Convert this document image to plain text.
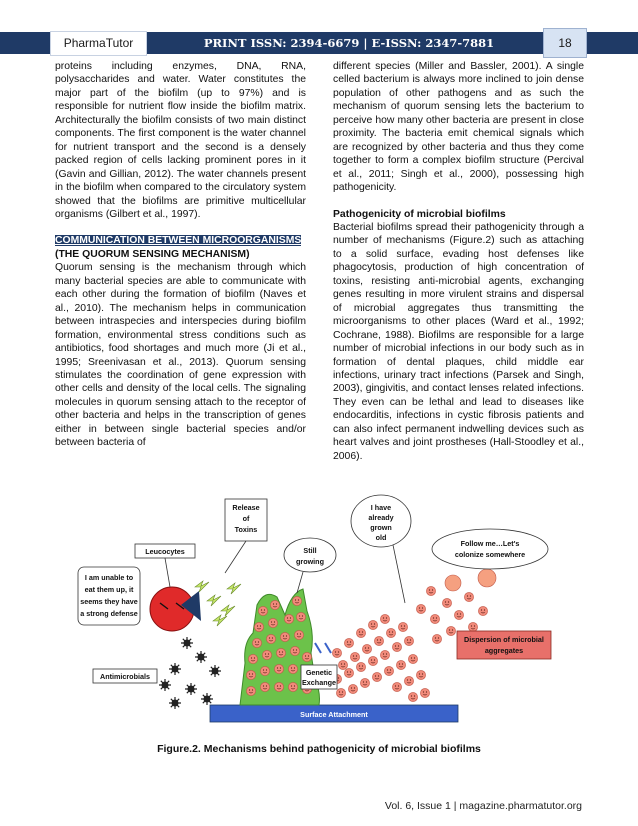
PharmaTutor	PRINT ISSN: 2394-6679 | E-ISSN: 2347-7881	18

proteins including enzymes, DNA, RNA, polysaccharides and water. Water constitutes the major part of the biofilm (up to 97%) and is responsible for nutrient flow inside the biofilm matrix. Architecturally the biofilm consists of two main distinct components. The first component is the water channel for nutrient transport and the second is a densely packed region of cells lacking prominent pores in it (Gavin and Gillian, 2012). The water channels present in the biofilm when compared to the circulatory system showed that the biofilms are primitive multicellular organisms (Gilbert et al., 1997).

COMMUNICATION BETWEEN MICROORGANISMS
(THE QUORUM SENSING MECHANISM)

Quorum sensing is the mechanism through which many bacterial species are able to communicate with each other during the formation of biofilm (Naves et al., 2010). The mechanism helps in communication between intraspecies and interspecies during biofilm formation, environmental stress conditions such as antibiotics, food shortages and much more (Ji et al., 1995; Sreenivasan et al., 2013). Quorum sensing stimulates the coordination of gene expression with other cells and density of the local cells. The signaling molecules in quorum sensing attach to the receptor of other bacteria and helps in the transcription of genes either in between single bacterial species and/or between bacteria of

different species (Miller and Bassler, 2001). A single celled bacterium is always more inclined to join dense population of other pathogens and as such the mechanism of quorum sensing lets the bacterium to perceive how many other bacteria are present in close proximity. The bacteria emit chemical signals which are recognized by other bacteria and thus they come together to form a complex biofilm structure (Percival et al., 2011; Singh et al., 2000), possessing high pathogenicity.

Pathogenicity of microbial biofilms

Bacterial biofilms spread their pathogenicity through a number of mechanisms (Figure.2) such as attaching to a solid surface, evading host defenses like phagocytosis, production of high concentration of toxins, resisting anti-microbial agents, exchanging genes resulting in more virulent strains and dispersal of microbial aggregates thus transmitting the microorganisms to other places (Ward et al., 1992; Cochrane, 1988). Biofilms are responsible for a large number of microbial infections in our body such as in formation of dental plaques, child middle ear infections, urinary tract infections (Parsek and Singh, 2003), gingivitis, and contact lenses related infections. They even can be lethal and lead to diseases like endocarditis, infections in cystic fibrosis patients and can also infect permanent indwelling devices such as heart valves and joint prostheses (Hall-Stoodley et al., 2006).

Surface Attachment
Release
of
Toxins
Leucocytes
I am unable to
eat them up, it
seems they have
a strong defense
Still
growing
I have
already
grown
old
Follow me…Let's
colonize somewhere
Dispersion of microbial
aggregates
Antimicrobials	Genetic
Exchange
Figure.2. Mechanisms behind pathogenicity of microbial biofilms
Vol. 6, Issue 1 | magazine.pharmatutor.org
